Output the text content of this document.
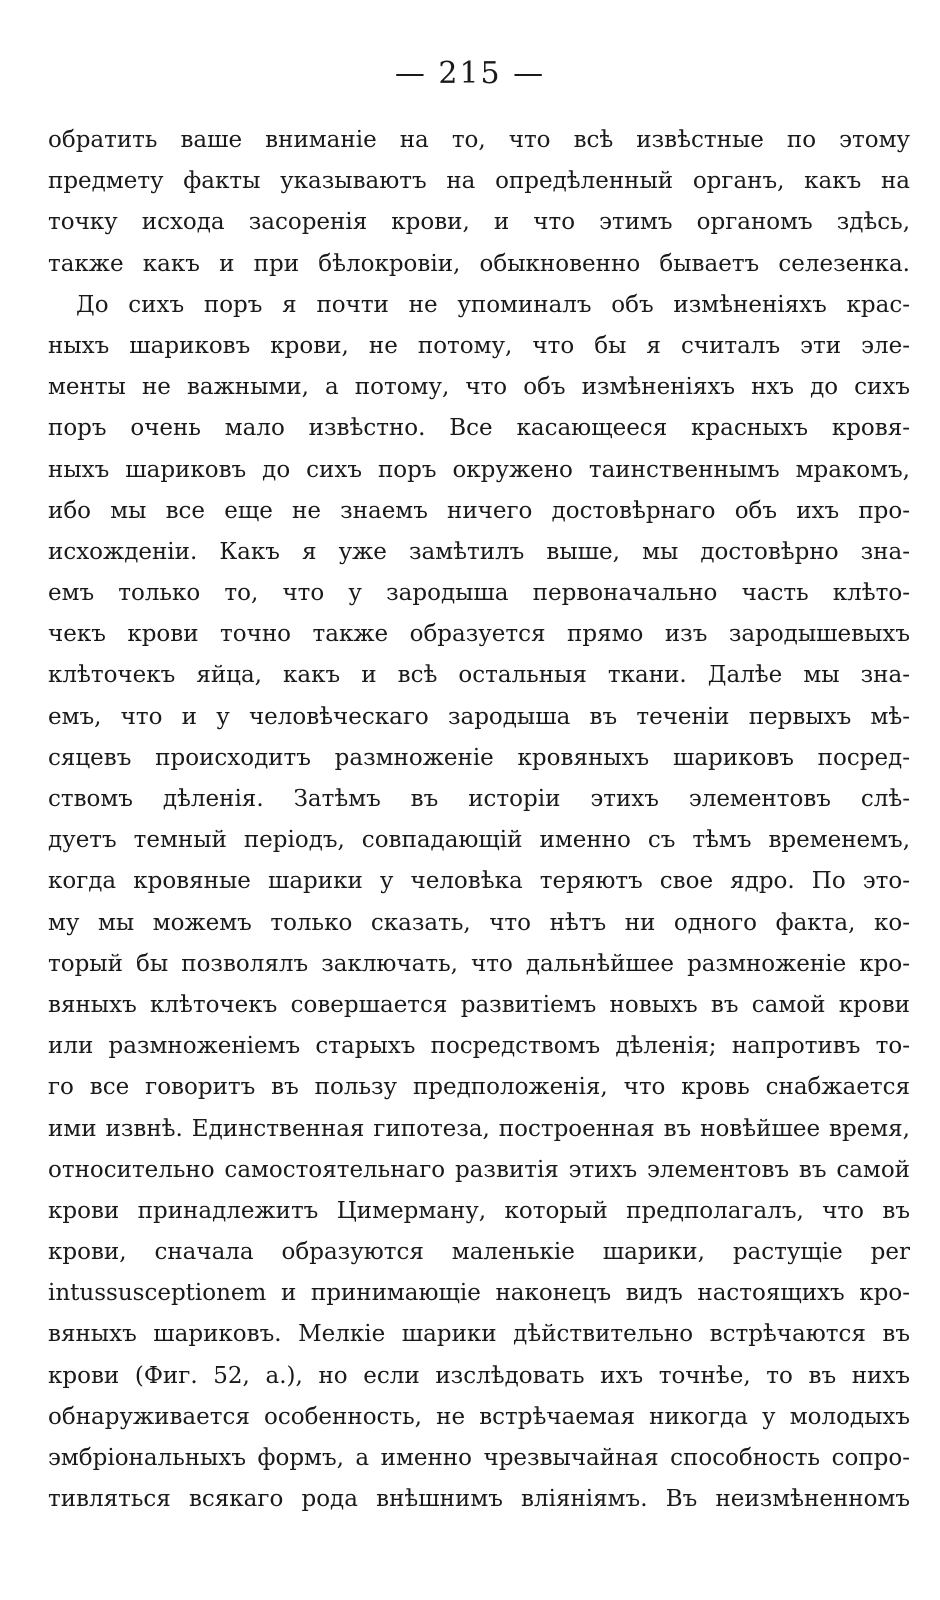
— 215 —
обратить ваше вниманіе на то, что всѣ извѣстные по этому
предмету факты указываютъ на опредѣленный органъ, какъ на
точку исхода засоренія крови, и что этимъ органомъ здѣсь,
также какъ и при бѣлокровіи, обыкновенно бываетъ селезенка.
До сихъ поръ я почти не упоминалъ объ измѣненіяхъ крас-
ныхъ шариковъ крови, не потому, что бы я считалъ эти эле-
менты не важными, а потому, что объ измѣненіяхъ нхъ до сихъ
поръ очень мало извѣстно. Все касающееся красныхъ кровя-
ныхъ шариковъ до сихъ поръ окружено таинственнымъ мракомъ,
ибо мы все еще не знаемъ ничего достовѣрнаго объ ихъ про-
исхожденіи. Какъ я уже замѣтилъ выше, мы достовѣрно зна-
емъ только то, что у зародыша первоначально часть клѣто-
чекъ крови точно также образуется прямо изъ зародышевыхъ
клѣточекъ яйца, какъ и всѣ остальныя ткани. Далѣе мы зна-
емъ, что и у человѣческаго зародыша въ теченіи первыхъ мѣ-
сяцевъ происходитъ размноженіе кровяныхъ шариковъ посред-
ствомъ дѣленія. Затѣмъ въ исторіи этихъ элементовъ слѣ-
дуетъ темный періодъ, совпадающій именно съ тѣмъ временемъ,
когда кровяные шарики у человѣка теряютъ свое ядро. По это-
му мы можемъ только сказать, что нѣтъ ни одного факта, ко-
торый бы позволялъ заключать, что дальнѣйшее размноженіе кро-
вяныхъ клѣточекъ совершается развитіемъ новыхъ въ самой крови
или размноженіемъ старыхъ посредствомъ дѣленія; напротивъ то-
го все говоритъ въ пользу предположенія, что кровь снабжается
ими извнѣ. Единственная гипотеза, построенная въ новѣйшее время,
относительно самостоятельнаго развитія этихъ элементовъ въ самой
крови принадлежитъ Цимерману, который предполагалъ, что въ
крови, сначала образуются маленькіе шарики, растущіе per
intussusceptionem и принимающіе наконецъ видъ настоящихъ кро-
вяныхъ шариковъ. Мелкіе шарики дѣйствительно встрѣчаются въ
крови (Фиг. 52, а.), но если изслѣдовать ихъ точнѣе, то въ нихъ
обнаруживается особенность, не встрѣчаемая никогда у молодыхъ
эмбріональныхъ формъ, а именно чрезвычайная способность сопро-
тивляться всякаго рода внѣшнимъ вліяніямъ. Въ неизмѣненномъ
